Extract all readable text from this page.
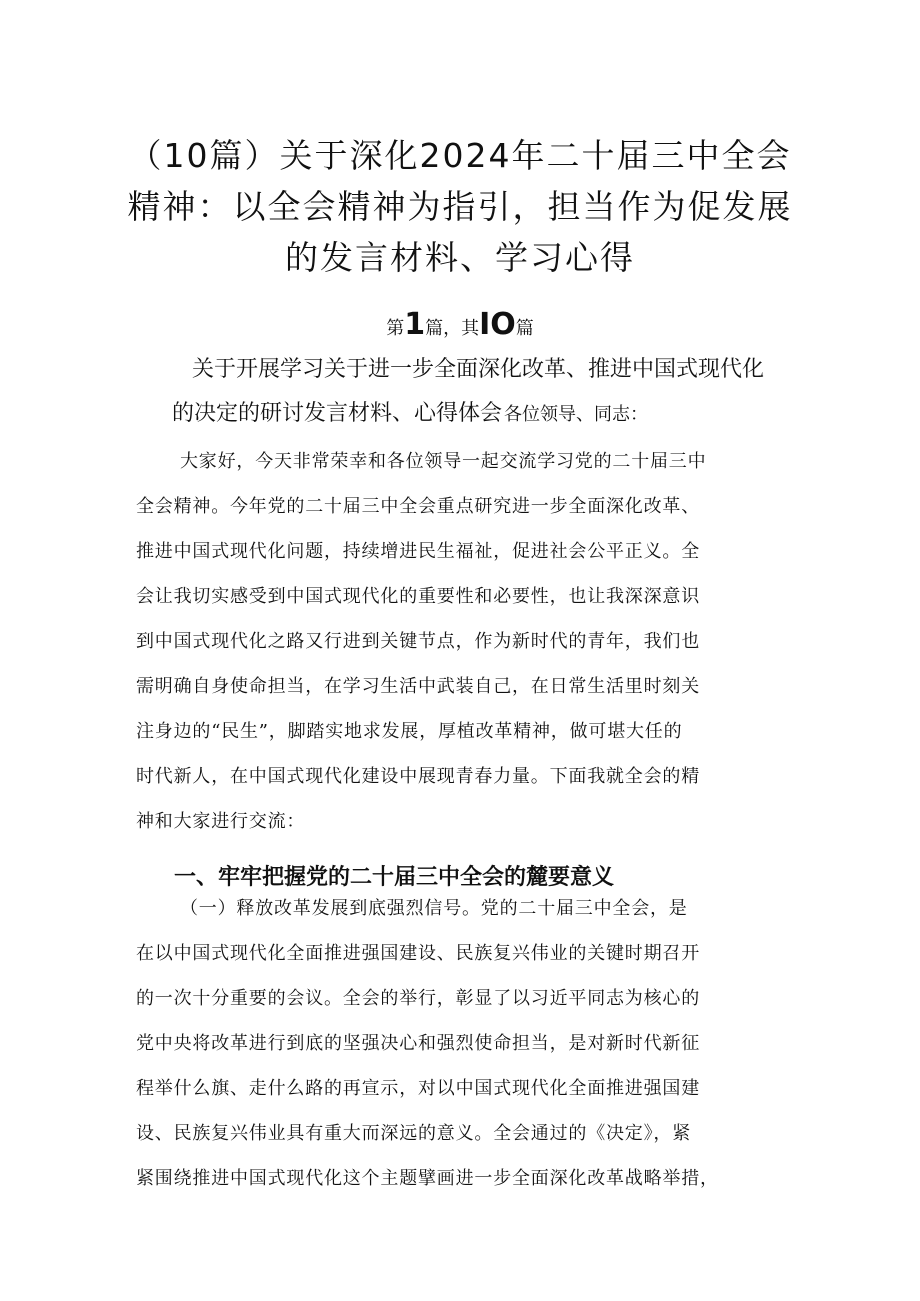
（10篇）关于深化2024年二十届三中全会
精神：以全会精神为指引，担当作为促发展
的发言材料、学习心得
第1篇，其IO篇
关于开展学习关于进一步全面深化改革、推进中国式现代化
的决定的研讨发言材料、心得体会 各位领导、同志：
大家好，今天非常荣幸和各位领导一起交流学习党的二十届三中
全会精神。今年党的二十届三中全会重点研究进一步全面深化改革、
推进中国式现代化问题，持续增进民生福祉，促进社会公平正义。全
会让我切实感受到中国式现代化的重要性和必要性，也让我深深意识
到中国式现代化之路又行进到关键节点，作为新时代的青年，我们也
需明确自身使命担当，在学习生活中武装自己，在日常生活里时刻关
注身边的“民生”，脚踏实地求发展，厚植改革精神，做可堪大任的
时代新人，在中国式现代化建设中展现青春力量。下面我就全会的精
神和大家进行交流：
一、牢牢把握党的二十届三中全会的麓要意义
（一）释放改革发展到底强烈信号。党的二十届三中全会，是
在以中国式现代化全面推进强国建设、民族复兴伟业的关键时期召开
的一次十分重要的会议。全会的举行，彰显了以习近平同志为核心的
党中央将改革进行到底的坚强决心和强烈使命担当，是对新时代新征
程举什么旗、走什么路的再宣示，对以中国式现代化全面推进强国建
设、民族复兴伟业具有重大而深远的意义。全会通过的《决定》，紧
紧围绕推进中国式现代化这个主题擘画进一步全面深化改革战略举措，
